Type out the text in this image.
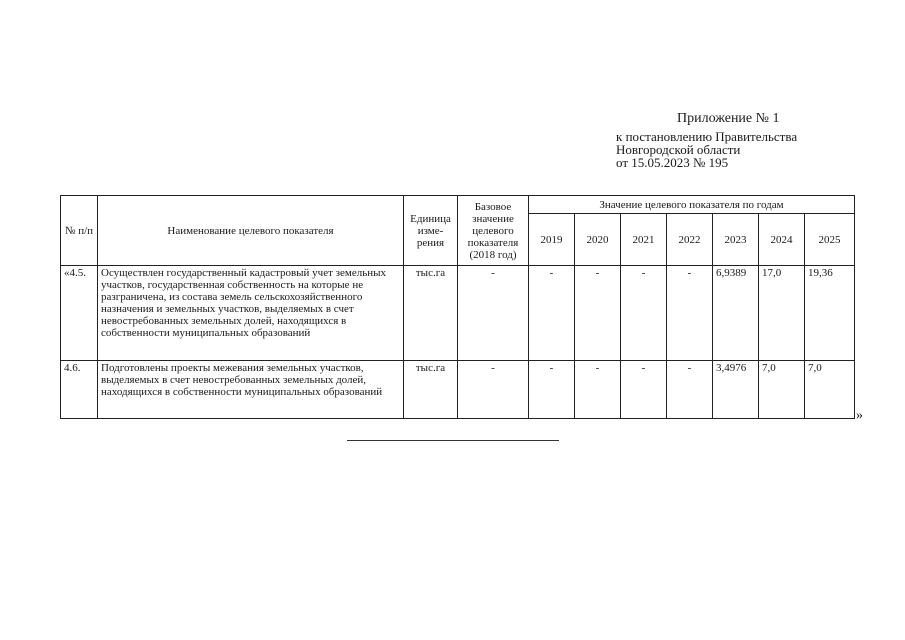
Приложение № 1
к постановлению Правительства
Новгородской области
от 15.05.2023 № 195
№ п/п	Наименование целевого показателя	Единица изме-рения	Базовое значение целевого показателя (2018 год)	Значение целевого показателя по годам						
				2019	2020	2021	2022	2023	2024	2025
«4.5.	Осуществлен государственный кадастровый учет земельных участков, государственная собственность на которые не разграничена, из состава земель сельскохозяйственного назначения и земельных участков, выделяемых в счет невостребованных земельных долей, находящихся в собственности муниципальных образований	тыс.га	-	-	-	-	-	6,9389	17,0	19,36
4.6.	Подготовлены проекты межевания земельных участков, выделяемых в счет невостребованных земельных долей, находящихся в собственности муниципальных образований	тыс.га	-	-	-	-	-	3,4976	7,0	7,0
»
